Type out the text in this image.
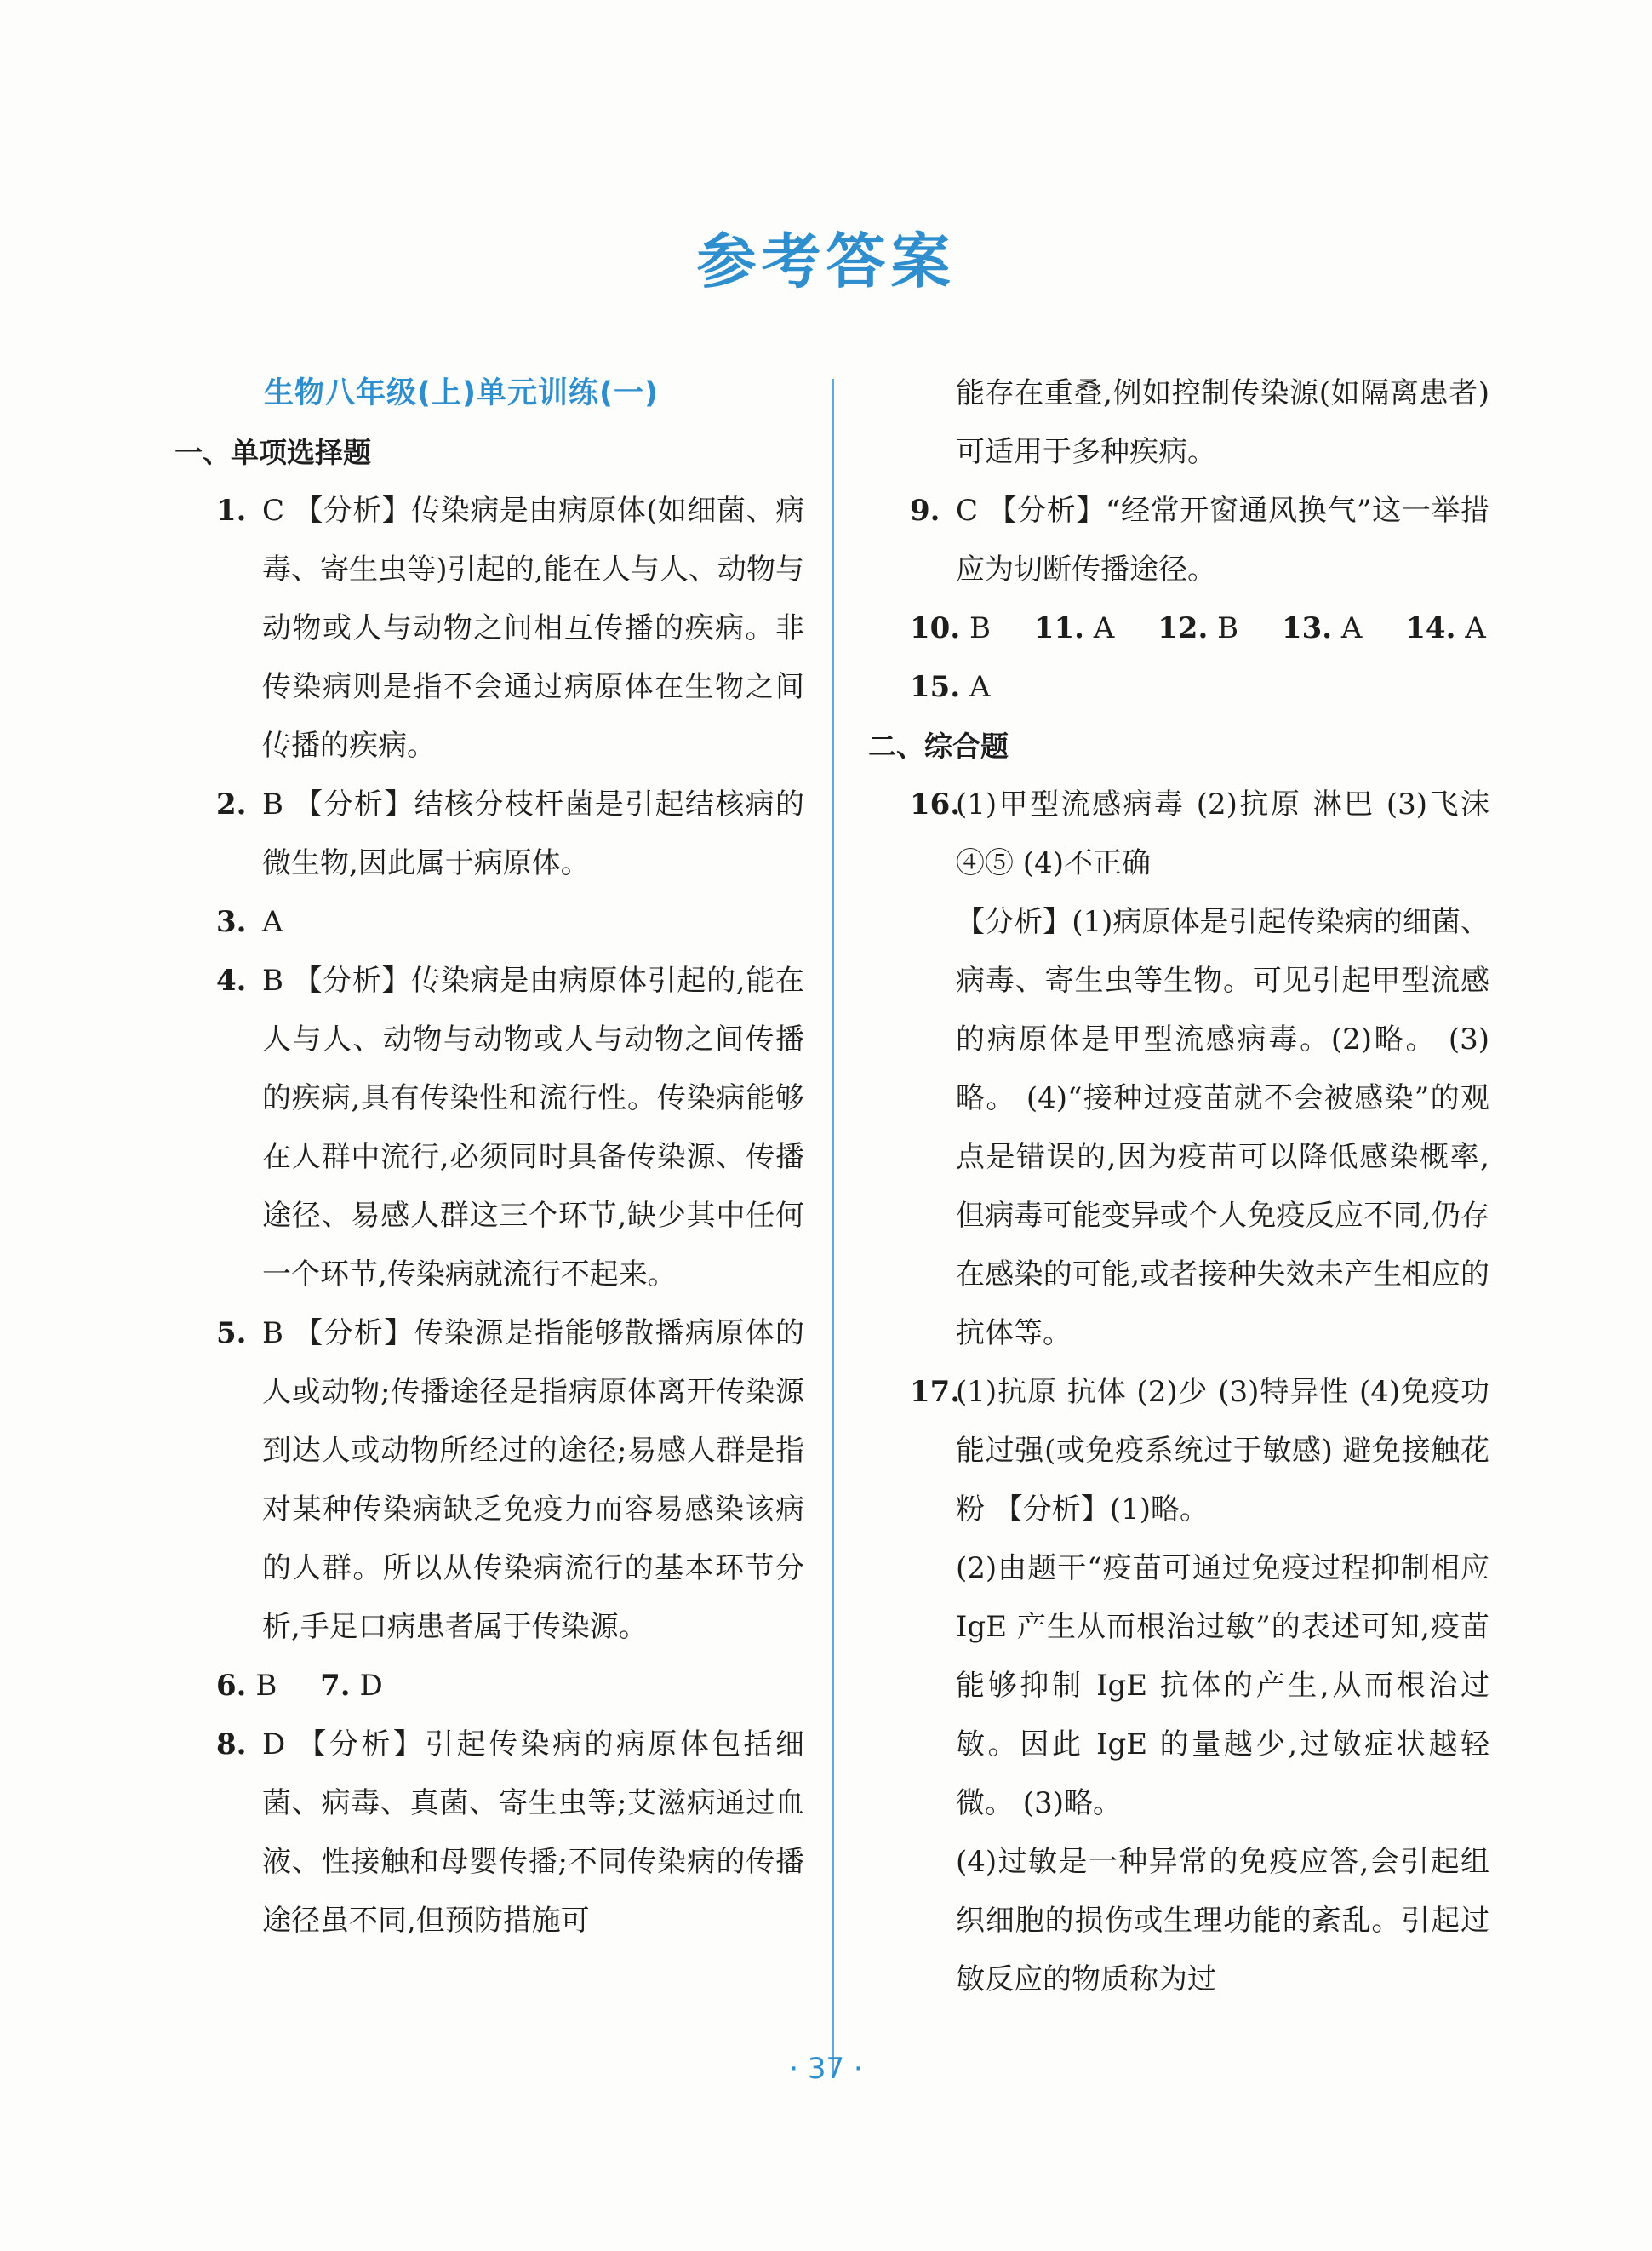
参考答案
生物八年级(上)单元训练(一)
一、单项选择题
1. C 【分析】传染病是由病原体(如细菌、病毒、寄生虫等)引起的,能在人与人、动物与动物或人与动物之间相互传播的疾病。非传染病则是指不会通过病原体在生物之间传播的疾病。
2. B 【分析】结核分枝杆菌是引起结核病的微生物,因此属于病原体。
3. A
4. B 【分析】传染病是由病原体引起的,能在人与人、动物与动物或人与动物之间传播的疾病,具有传染性和流行性。传染病能够在人群中流行,必须同时具备传染源、传播途径、易感人群这三个环节,缺少其中任何一个环节,传染病就流行不起来。
5. B 【分析】传染源是指能够散播病原体的人或动物;传播途径是指病原体离开传染源到达人或动物所经过的途径;易感人群是指对某种传染病缺乏免疫力而容易感染该病的人群。所以从传染病流行的基本环节分析,手足口病患者属于传染源。
6. B 7. D
8. D 【分析】引起传染病的病原体包括细菌、病毒、真菌、寄生虫等;艾滋病通过血液、性接触和母婴传播;不同传染病的传播途径虽不同,但预防措施可
能存在重叠,例如控制传染源(如隔离患者)可适用于多种疾病。
9. C 【分析】“经常开窗通风换气”这一举措应为切断传播途径。
10. B 11. A 12. B 13. A 14. A
15. A
二、综合题
16.(1)甲型流感病毒 (2)抗原 淋巴 (3)飞沫 ④⑤ (4)不正确
【分析】(1)病原体是引起传染病的细菌、病毒、寄生虫等生物。可见引起甲型流感的病原体是甲型流感病毒。(2)略。 (3)略。 (4)“接种过疫苗就不会被感染”的观点是错误的,因为疫苗可以降低感染概率,但病毒可能变异或个人免疫反应不同,仍存在感染的可能,或者接种失效未产生相应的抗体等。
17.(1)抗原 抗体 (2)少 (3)特异性 (4)免疫功能过强(或免疫系统过于敏感) 避免接触花粉 【分析】(1)略。
(2)由题干“疫苗可通过免疫过程抑制相应 IgE 产生从而根治过敏”的表述可知,疫苗能够抑制 IgE 抗体的产生,从而根治过敏。因此 IgE 的量越少,过敏症状越轻微。 (3)略。
(4)过敏是一种异常的免疫应答,会引起组织细胞的损伤或生理功能的紊乱。引起过敏反应的物质称为过
· 37 ·
